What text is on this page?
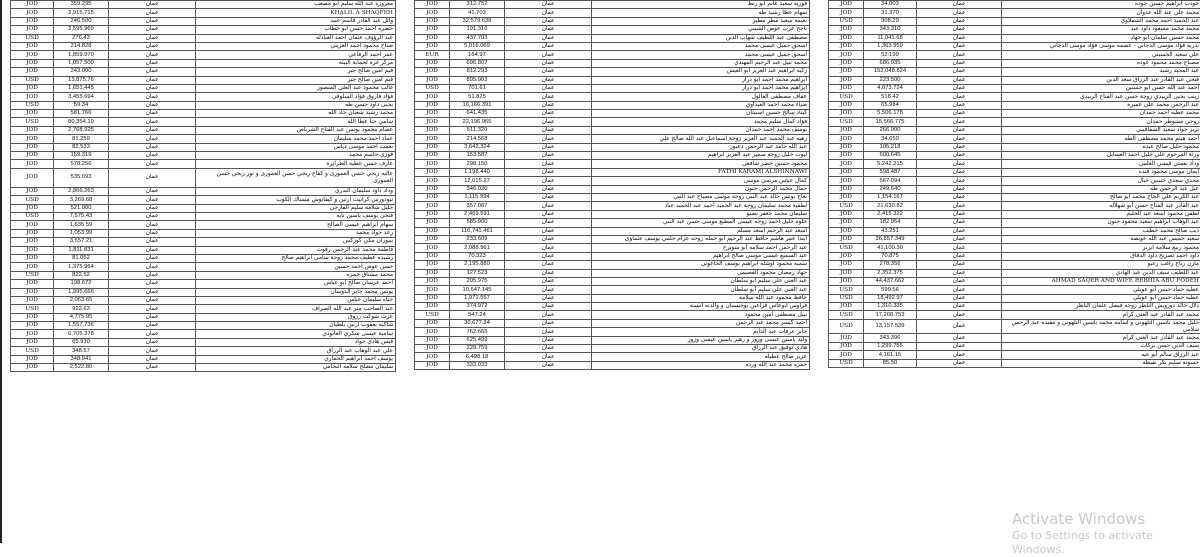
JOD	359.295	عمان	معزوزه عبد الله سليم أبو مصعب
JOD	2,915.715	عمان	KHALIL A SHAQFEH
JOD	246.500	عمان	وائل عبد القادر قاسم عبيد
JOD	2,595.969	عمان	خضره احمد حسن أبو خطاب
USD	276.43	عمان	عبد الرؤوف عثمان احمد العبادله
JOD	214.828	عمان	صباح محمود احمد العزيني
JOD	1,859.970	عمان	عمر احمد الرفاعي
JOD	1,057.500	عمان	مركز غزه لحماية البيئة
JOD	243.000	عمان	فيم امين صالح جبر
USD	13,875.76	عمان	فيم امين صالح جبر
JOD	1,651.445	عمان	غالب محمود عبد العلي المنصور
JOD	3,455.694	عمان	فؤاد فاروق فؤاد السلوقي
USD	59.34	عمان	يحيى داود حسن طه
JOD	581.766	عمان	محمد رشيد شعبان جاد الله
USD	80,354.19	عمان	سامي حنا عطا الله
JOD	2,768.925	عمان	عصام محمود يونس عبد الفتاح الشرباص
JOD	81.259	عمان	عماد احمد محمد سليمان
JOD	82.533	عمان	نعمت احمد موسى دياس
JOD	159.319	عمان	فوزي جاسم محمد
JOD	578.256	عمان	عارف حسن عطيه الطرايرة
JOD	535.093	عمان	عاليه ربحي حسن العمورى و كفاح ربحي حسن العمورى و نور ربحي حسن العمورى
JOD	2,866.263	عمان	وداد داود سليمان البدري
USD	3,269.68	عمان	ثيودورس كرابيت ارثين و كيفانوش ميساك الكوب
JOD	521.000	عمان	خليل سلامه سليم الفارجي
USD	7,575.43	عمان	فتحي يوسف ياسين تايه
JOD	1,635.59	عمان	سهام ابراهيم عيسى الصالح
JOD	1,053.99	عمان	رعد جواد محمد
JOD	3,557.21	عمان	سوزان مكي كوركس
JOD	1,811.831	عمان	فاطمة محمد عبد الرحمن زقوت
JOD	81.052	عمان	رشيده عطيف محمد زوجة سامي ابراهيم صالح
JOD	1,375.964	عمان	حسن عوض احمد حسين
USD	822.52	عمان	محمد مشتاق حمزه
JOD	198.672	عمان	احمد عرسان صالح أبو عياش
JOD	1,995.666	عمان	يونس محمد جابر الدوسان
JOD	2,063.65	عمان	حياه سليمان عباس
USD	922.63	عمان	عبد الصاحب متر عبد الله الصراف
JOD	4,775.95	عمان	عزت شوكت رزوق
JOD	1,557.736	عمان	شاكيه يعقوب ارتين بلطيان
JOD	6,705.378	عمان	سامية عيسى شكري العابودي
JOD	65.930	عمان	قيس هادي جواد
USD	348.57	عمان	علي عبد الوهاب عبد الرزاق
JOD	348.941	عمان	يوسف احمد ابراهيم الحماري
JOD	2,522.80	عمان	سليمان مصلح سلامه النجامي
JOD	312.752	عمان	فوزيه سعيد غانم أبو زنط
JOD	41.703	عمان	سهام عطا رشيد طه
JOD	32,579.638	عمان	نعيمه سعيد مطر مطير
JOD	191.316	عمان	ناجح عرب عوض الشيبي
JOD	437.703	عمان	مصطفى عبد اللطيف شهاب الدين
JOD	5,016.069	عمان	اسحق جميل عيسى محمد
EUR	164.97	عمان	اسحق جميل عيسى محمد
JOD	696.807	عمان	محمد نبيل عبد الرحيم المهتدي
JOD	812.293	عمان	زكيه ابراهيم عبد العزيز أبو العيش
JOD	895.903	عمان	ابراهيم محمد احمد أبو دراز
USD	701.61	عمان	ابراهيم محمد احمد أبو دراز
JOD	51.825	عمان	عفاف مصطفى الغالول
JOD	16,166.391	عمان	ضياء محمد احمد العيداوي
JOD	641.435	عمان	كيناد سالخ حسين اسبيتان
JOD	22,196.965	عمان	فؤاد كمال سليم محمد
JOD	511.320	عمان	يوسف محمد احمد حمدان
JOD	214.568	عمان	زهيه عبد الحميد عبد العزيز زوجة اسماعيل عبد الله صالح علي
JOD	3,642.324	عمان	عبد الله حامد عبد الرحمن دعبور
JOD	153.587	عمان	ليوت خليل زوجه سمير عبد العزيز ابراهيم
JOD	298.150	عمان	محمود حسين خضر شافعي
JOD	1,198.440	عمان	FATHI KARAMI ALSHINNAWI
JOD	12,015.27	عمان	كمال عباس مرسي موسى
JOD	346.020	عمان	جمال محمد الرحمن حنون
JOD	1,115.994	عمان	نعاح يونس خالد عبد النبي زوجه موسى مصباح عبد النبي
JOD	357.087	عمان	لطفيه محمد سليمان زوجة عبد الحميد احمد عبد الحميد عياد
JOD	2,469.591	عمان	سليمان محمد جعفر نصيو
JOD	585.900	عمان	حلوه خليل احمد زوجه عيسى المطيع موسى حسن عبد النبي
JOD	116,741.461	عمان	اسعد عبد الرحيم اسعد مسلم
JOD	233.609	عمان	ابتدا عمر هاشم حافظ عبد الرحيم أبو حمله زوجه عزام حلمي يوسف عثماوي
JOD	2,088.961	عمان	عبد الرحمن احمد سلامه أبو سويرح
JOD	70.323	عمان	عبد السميع عيسى موسى صالح ابراهيم
JOD	2,195.880	عمان	سميه محمود اوشله ابراهيم يوسف الجاعوني
JOD	127.523	عمان	جهاد رمضان محمود القصيمي
JOD	205.975	عمان	عبد الغني علي سليم أبو سلطان
JOD	10,647.145	عمان	عبد الغني علي سليم أبو سلطان
JOD	1,971.557	عمان	حافظ محمود عبد الله سلامه
JOD	374.972	عمان	فراوس ابوعاس قراعين يوحنسيان و والدته انيسه
USD	547.24	عمان	نبيل مصطفى امين محمود
JOD	30,677.34	عمان	احمد كيسر محمد عبد الرحمن
JOD	762.665	عمان	جابر عرفات عبد الدايم
JOD	625.499	عمان	وليد ياسين عيسى وزوز و زهير ياسين عيسى وزوز
JOD	228.759	عمان	هادي توفيق عبد الرزاق
JOD	6,498.18	عمان	عزيز صالح عطيله
JOD	333.033	عمان	حمزه محمد عبد الله ورده
JOD	34.003	عمان	جودت ابراهيم حسين جوده
JOD	31.370	عمان	محمد علي عبد الله عدوان
USD	908.29	عمان	عبد الحميد احمد محمد الشملاوي
JOD	343.310	عمان	محمد محمد مسعود داود عيد
JOD	11,041.68	عمان	محمد حسين سلمان أبو جهاد
JOD	1,363.959	عمان	بدريه فؤاد موسى الدجاني - عصمه موسى فؤاد موسى الدجاني
JOD	52.199	عمان	علي سعيد الحسيني
JOD	686.935	عمان	مصباح محمد محمود عوده
JOD	152,048.824	عمان	عبد المجيد رشيد
JOD	223.500	عمان	فتحي عبد القادر عبد الرزاق سعد الدين
JOD	4,073.724	عمان	احمد عبد الله حسن أبو حسنين
USD	518.42	عمان	زينب يحيى الزبيدي زوجة حسن عبد الفتاح الزبيدي
JOD	65.984	عمان	عبد الرحمن محمد علي عميره
JOD	5,506.178	عمان	محمد عطيه احمد حمدان
USD	15,566.775	عمان	روحي مشوطر حمدان
JOD	266.000	عمان	تريز جواد سعيد الشقاقيبي
JOD	34.659	عمان	احمد هيثم محمد مصطفى الطه
JOD	105.218	عمان	محمود خليل صالح عبده
JOD	600.645	عمان	ورثة المرحوم علي خليل احمد العسايل
JOD	5,242.215	عمان	وداد نعمتي قيشي الغلمي
JOD	598.487	عمان	ايمان موسى محمود قنده
JOD	567.094	عمان	مجدي سعدي حسين خيال
JOD	249.640	عمان	عيل عبد الرحمن طه
JOD	1,154.167	عمان	عبد الكريم علي الحاج محمد أبو صالح
USD	21,630.82	عمان	عبد القادر عبد الفتاح حسن أبو شهلاله
JOD	2,415.322	عمان	لطفي محمود اسعد عبد الحليم
JOD	182.954	عمان	عبد الوهاب ابراهيم سعيد محمود حنون
JOD	43.251	عمان	ذيب صالح محمد خطيب
JOD	36,857.349	عمان	سعيد خميس عبد الله عويضه
USD	41,100.30	عمان	محمود ربيع سلامه ابزيز
JOD	70.875	عمان	داود احمد تصريح داود الدقاق
JOD	278.356	عمان	مازن رباح راغب زعيو
JOD	2,352.375	عمان	عبد اللطيف سيف الدين عبد الهادي
JOD	44,437.662	عمان	AHMAD SAQER AND WIFE REBHIA ABU FODEH
USD	599.56	عمان	عطيه حماد حسن أبو عويلي
USD	18,492.97	عمان	عطيه حماد حسن أبو عويلي
JOD	1,310.335	عمان	دلال خالد دورويش الناظر زوجه فيصل عثمان الناظر
USD	17,208.753	عمان	محمد عبد القادر عبد الغني كرام
USD	13,157.539	عمان	خليل محمد ياسين التلهوني و اسامه محمد ياسين التلهوني و مفيده عبد الرحمن سلامي
JOD	343.396	عمان	محمد عبد القادر عبد الغني كرام
JOD	1,299.755	عمان	سيف الدين حسن بركات
JOD	4,161.15	عمان	عبد الرزاق سالم أبو عيه
USD	85.50	عمان	حسونه سليم بكر نقيطه
Activate Windows
Go to Settings to activate Windows.
